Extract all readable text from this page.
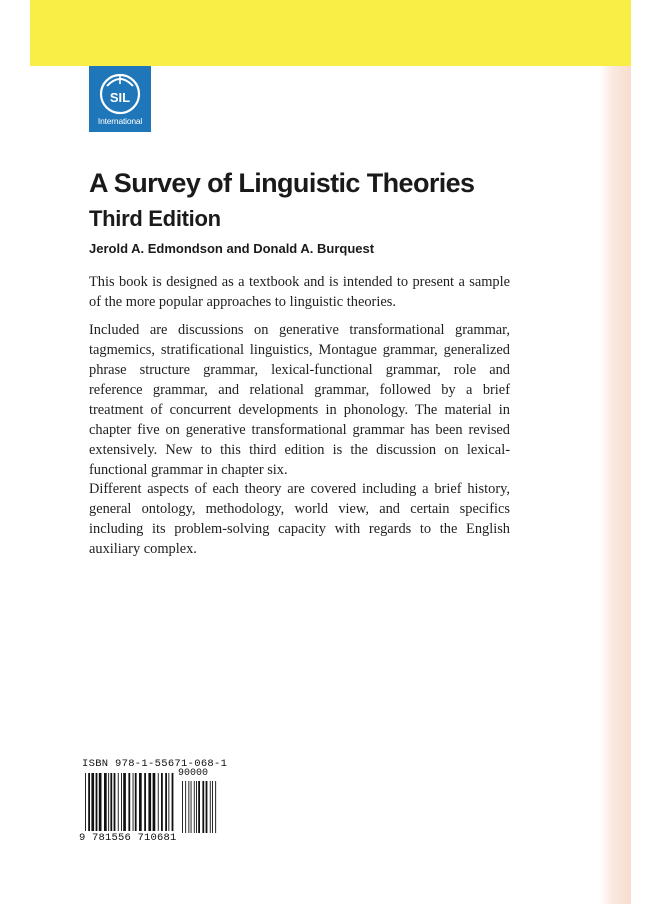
SIL
International
A Survey of Linguistic Theories
Third Edition

Jerold A. Edmondson and Donald A. Burquest

This book is designed as a textbook and is intended to present a sample of the more popular approaches to linguistic theories.

Included are discussions on generative transformational grammar, tagmemics, stratificational linguistics, Montague grammar, generalized phrase structure grammar, lexical-functional grammar, role and reference grammar, and relational grammar, followed by a brief treatment of concurrent developments in phonology. The material in chapter five on generative transformational grammar has been revised extensively. New to this third edition is the discussion on lexical-functional grammar in chapter six.

Different aspects of each theory are covered including a brief history, general ontology, methodology, world view, and certain specifics including its problem-solving capacity with regards to the English auxiliary complex.

ISBN 978-1-55671-068-1

90000

9 781556 710681
